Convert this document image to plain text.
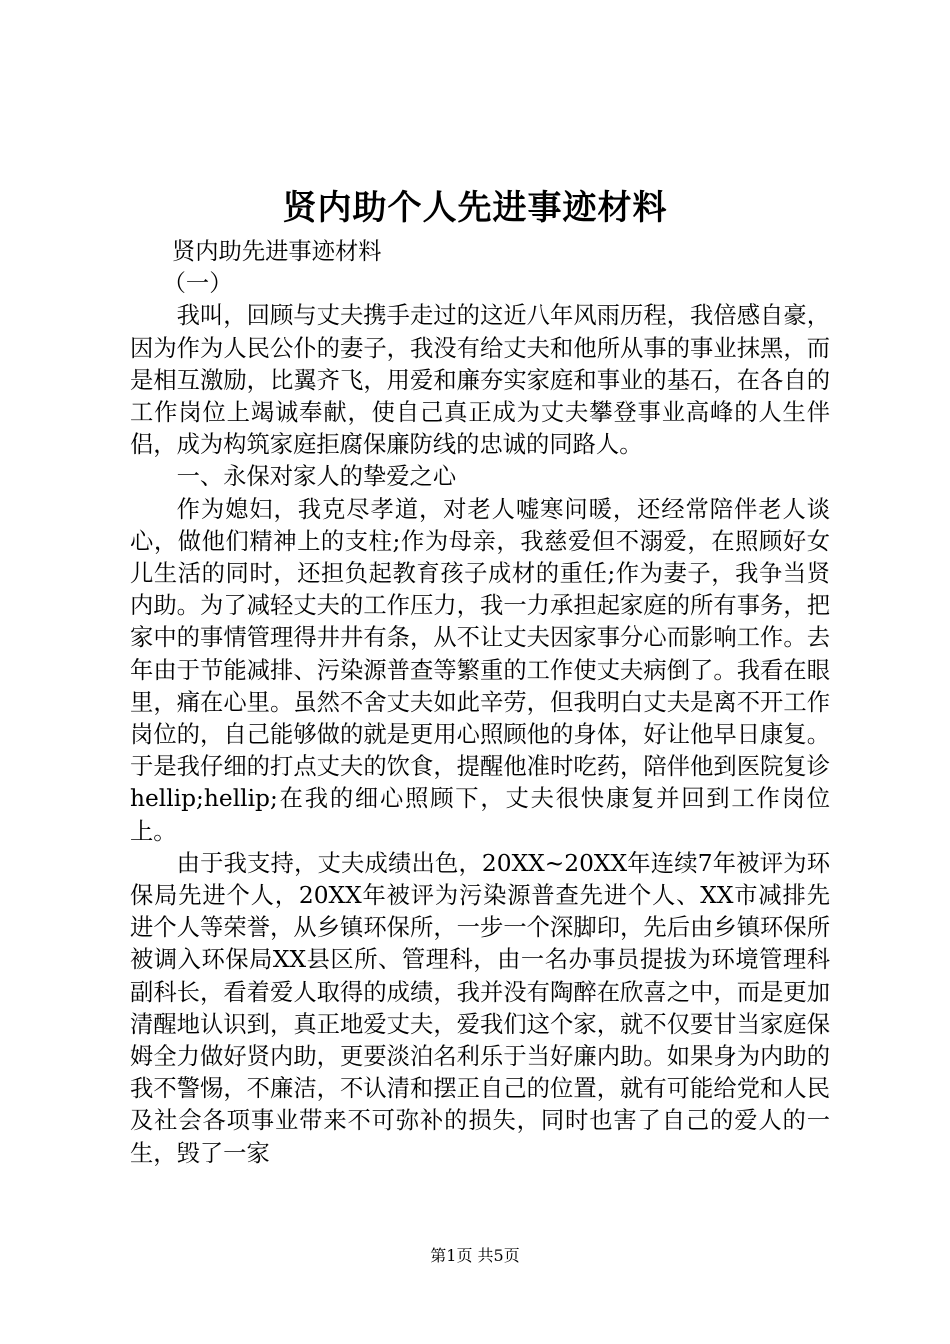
贤内助个人先进事迹材料

贤内助先进事迹材料

（一）

我叫，回顾与丈夫携手走过的这近八年风雨历程，我倍感自豪，因为作为人民公仆的妻子，我没有给丈夫和他所从事的事业抹黑，而是相互激励，比翼齐飞，用爱和廉夯实家庭和事业的基石，在各自的工作岗位上竭诚奉献，使自己真正成为丈夫攀登事业高峰的人生伴侣，成为构筑家庭拒腐保廉防线的忠诚的同路人。

一、永保对家人的挚爱之心

作为媳妇，我克尽孝道，对老人嘘寒问暖，还经常陪伴老人谈心，做他们精神上的支柱;作为母亲，我慈爱但不溺爱，在照顾好女儿生活的同时，还担负起教育孩子成材的重任;作为妻子，我争当贤内助。为了减轻丈夫的工作压力，我一力承担起家庭的所有事务，把家中的事情管理得井井有条，从不让丈夫因家事分心而影响工作。去年由于节能减排、污染源普查等繁重的工作使丈夫病倒了。我看在眼里，痛在心里。虽然不舍丈夫如此辛劳，但我明白丈夫是离不开工作岗位的，自己能够做的就是更用心照顾他的身体，好让他早日康复。于是我仔细的打点丈夫的饮食，提醒他准时吃药，陪伴他到医院复诊hellip;hellip;在我的细心照顾下，丈夫很快康复并回到工作岗位上。

由于我支持，丈夫成绩出色，20XX~20XX年连续7年被评为环保局先进个人，20XX年被评为污染源普查先进个人、XX市减排先进个人等荣誉，从乡镇环保所，一步一个深脚印，先后由乡镇环保所被调入环保局XX县区所、管理科，由一名办事员提拔为环境管理科副科长，看着爱人取得的成绩，我并没有陶醉在欣喜之中，而是更加清醒地认识到，真正地爱丈夫，爱我们这个家，就不仅要甘当家庭保姆全力做好贤内助，更要淡泊名利乐于当好廉内助。如果身为内助的我不警惕，不廉洁，不认清和摆正自己的位置，就有可能给党和人民及社会各项事业带来不可弥补的损失，同时也害了自己的爱人的一生，毁了一家

第1页 共5页
